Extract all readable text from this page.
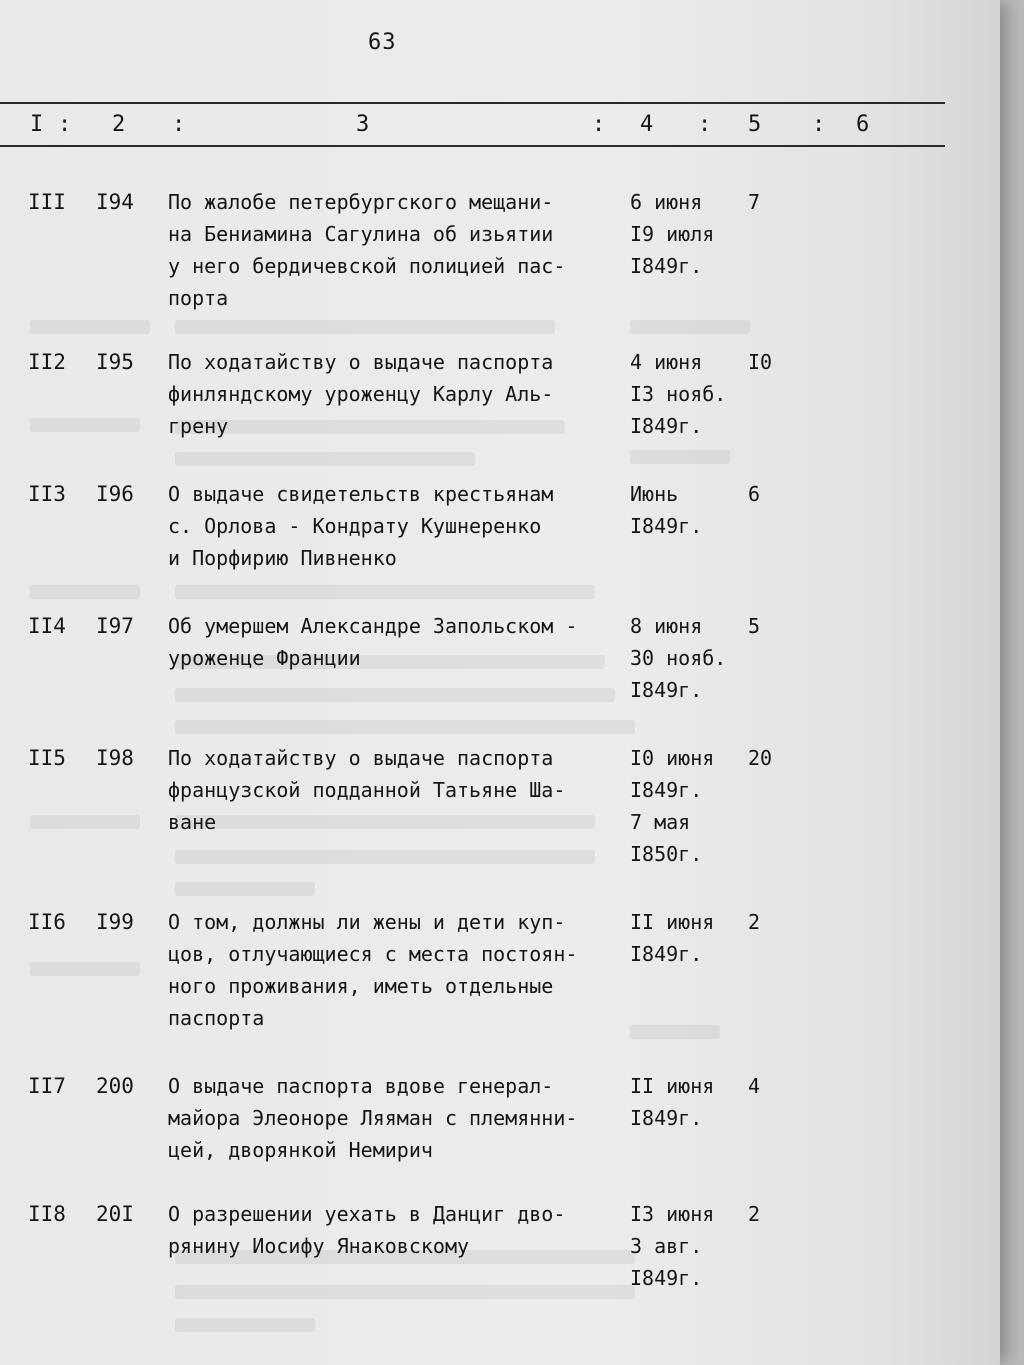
63
I : 2 :	3	: 4 : 5 : 6
III I94 По жалобе петербургского мещани-
на Бениамина Сагулина об изьятии
у него бердичевской полицией пас-
порта
6 июня
I9 июля
I849г.
7
II2 I95 По ходатайству о выдаче паспорта
финляндскому уроженцу Карлу Аль-
грену
4 июня
I3 нояб.
I849г.
I0
II3 I96 О выдаче свидетельств крестьянам
с. Орлова - Кондрату Кушнеренко
и Порфирию Пивненко
Июнь
I849г.
6
II4 I97 Об умершем Александре Запольском -
уроженце Франции
8 июня
30 нояб.
I849г.
5
II5 I98 По ходатайству о выдаче паспорта
французской подданной Татьяне Ша-
ване
I0 июня
I849г.
7 мая
I850г.
20
II6 I99 О том, должны ли жены и дети куп-
цов, отлучающиеся с места постоян-
ного проживания, иметь отдельные
паспорта
II июня
I849г.
2
II7 200 О выдаче паспорта вдове генерал-
майора Элеоноре Ляяман с племянни-
цей, дворянкой Немирич
II июня
I849г.
4
II8 20I О разрешении уехать в Данциг дво-
рянину Иосифу Янаковскому
I3 июня
3 авг.
I849г.
2
